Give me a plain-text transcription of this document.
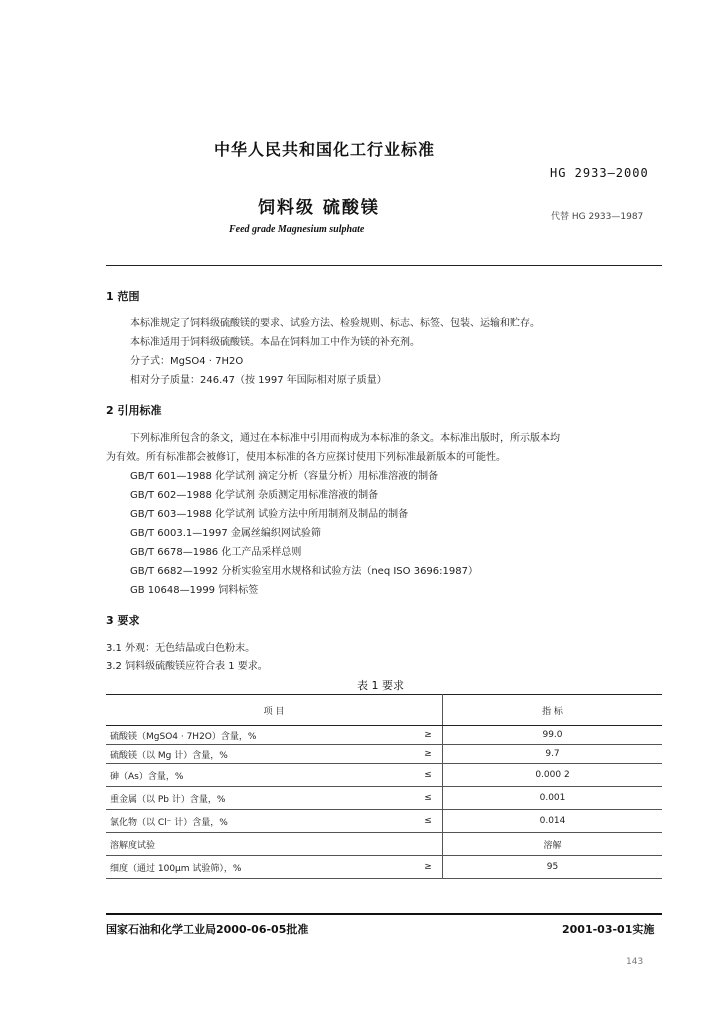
中华人民共和国化工行业标准
HG 2933—2000
饲料级 硫酸镁	代替 HG 2933—1987
Feed grade Magnesium sulphate
1 范围
本标准规定了饲料级硫酸镁的要求、试验方法、检验规则、标志、标签、包装、运输和贮存。
本标准适用于饲料级硫酸镁。本品在饲料加工中作为镁的补充剂。
分子式：MgSO4 · 7H2O
相对分子质量：246.47（按 1997 年国际相对原子质量）
2 引用标准
下列标准所包含的条文，通过在本标准中引用而构成为本标准的条文。本标准出版时，所示版本均
为有效。所有标准都会被修订，使用本标准的各方应探讨使用下列标准最新版本的可能性。
GB/T 601—1988 化学试剂 滴定分析（容量分析）用标准溶液的制备
GB/T 602—1988 化学试剂 杂质测定用标准溶液的制备
GB/T 603—1988 化学试剂 试验方法中所用制剂及制品的制备
GB/T 6003.1—1997 金属丝编织网试验筛
GB/T 6678—1986 化工产品采样总则
GB/T 6682—1992 分析实验室用水规格和试验方法（neq ISO 3696:1987）
GB 10648—1999 饲料标签
3 要求
3.1 外观：无色结晶或白色粉末。
3.2 饲料级硫酸镁应符合表 1 要求。
表 1 要求
项 目		指 标
硫酸镁（MgSO4 · 7H2O）含量，%	≥	99.0
硫酸镁（以 Mg 计）含量，%	≥	9.7
砷（As）含量，%	≤	0.000 2
重金属（以 Pb 计）含量，%	≤	0.001
氯化物（以 Cl⁻ 计）含量，%	≤	0.014
溶解度试验		溶解
细度（通过 100μm 试验筛），%	≥	95
国家石油和化学工业局2000-06-05批准	2001-03-01实施
143
